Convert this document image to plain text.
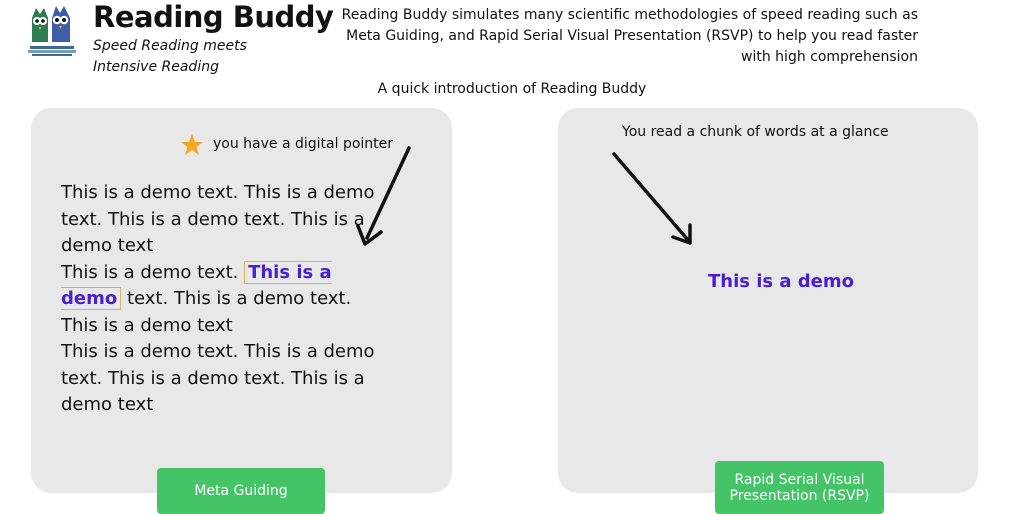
Reading Buddy
Speed Reading meets
Intensive Reading
Reading Buddy simulates many scientific methodologies of speed reading such as Meta Guiding, and Rapid Serial Visual Presentation (RSVP) to help you read faster with high comprehension
A quick introduction of Reading Buddy
you have a digital pointer
This is a demo text. This is a demo text. This is a demo text. This is a demo text
This is a demo text. This is a demo text. This is a demo text. This is a demo text
This is a demo text. This is a demo text. This is a demo text. This is a demo text
Meta Guiding
You read a chunk of words at a glance
This is a demo
Rapid Serial Visual
Presentation (RSVP)
